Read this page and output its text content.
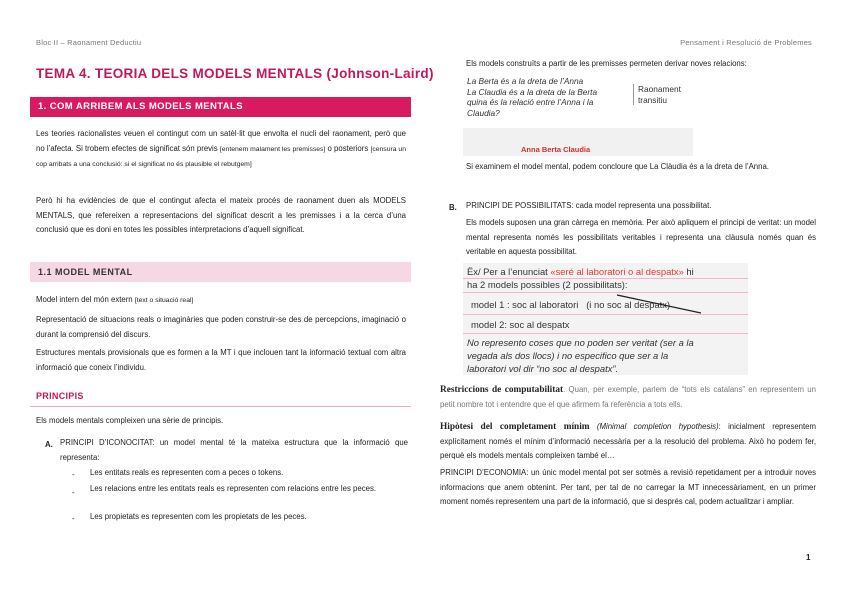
Bloc II – Raonament Deductiu	Pensament i Resolució de Problemes
TEMA 4. TEORIA DELS MODELS MENTALS (Johnson-Laird)
1. COM ARRIBEM ALS MODELS MENTALS
Les teories racionalistes veuen el contingut com un satèl·lit que envolta el nucli del raonament, però que no l’afecta. Si trobem efectes de significat són previs [entenem malament les premisses] o posteriors [censura un cop arribats a una conclusió: si el significat no és plausible el rebutgem]
Però hi ha evidències de que el contingut afecta el mateix procés de raonament duen als MODELS MENTALS, que refereixen a representacions del significat descrit a les premisses i a la cerca d’una conclusió que es doni en totes les possibles interpretacions d’aquell significat.
1.1 MODEL MENTAL
Model intern del món extern [text o situació real]
Representació de situacions reals o imaginàries que poden construir-se des de percepcions, imaginació o durant la comprensió del discurs.
Estructures mentals provisionals que es formen a la MT i que inclouen tant la informació textual com altra informació que coneix l’individu.
PRINCIPIS
Els models mentals compleixen una sèrie de principis.
A. PRINCIPI D’ICONOCITAT: un model mental té la mateixa estructura que la informació que representa:
- Les entitats reals es representen com a peces o tokens.
- Les relacions entre les entitats reals es representen com relacions entre les peces.
- Les propietats es representen com les propietats de les peces.
Els models construïts a partir de les premisses permeten derivar noves relacions:
La Berta és a la dreta de l’Anna
La Claudia és a la dreta de la Berta
quina és la relació entre l’Anna i la
Claudia?
Raonament
transitiu
Anna Berta Claudia
Si examinem el model mental, podem concloure que La Clàudia és a la dreta de l’Anna.
B. PRINCIPI DE POSSIBILITATS: cada model representa una possibilitat.
Els models suposen una gran càrrega en memòria. Per això apliquem el principi de veritat: un model mental representa només les possibilitats veritables i representa una clàusula només quan és veritable en aquesta possibilitat.
Ëx/ Per a l’enunciat «seré al laboratori o al despatx» hi
ha 2 models possibles (2 possibilitats):
model 1 : soc al laboratori (i no soc al despatx)
model 2: soc al despatx
No represento coses que no poden ser veritat (ser a la
vegada als dos llocs) i no especifico que ser a la
laboratori vol dir “no soc al despatx”.
Restriccions de computabilitat. Quan, per exemple, parlem de “tots els catalans” en representem un petit nombre tot i entendre que el que afirmem fa referència a tots ells.
Hipòtesi del completament mínim (Minimal completion hypothesis): inicialment representem explícitament només el mínim d’informació necessària per a la resolució del problema. Això ho podem fer, perquè els models mentals compleixen també el…
PRINCIPI D’ECONOMIA: un únic model mental pot ser sotmès a revisió repetidament per a introduir noves informacions que anem obtenint. Per tant, per tal de no carregar la MT innecessàriament, en un primer moment només representem una part de la informació, que si després cal, podem actualitzar i ampliar.
1
